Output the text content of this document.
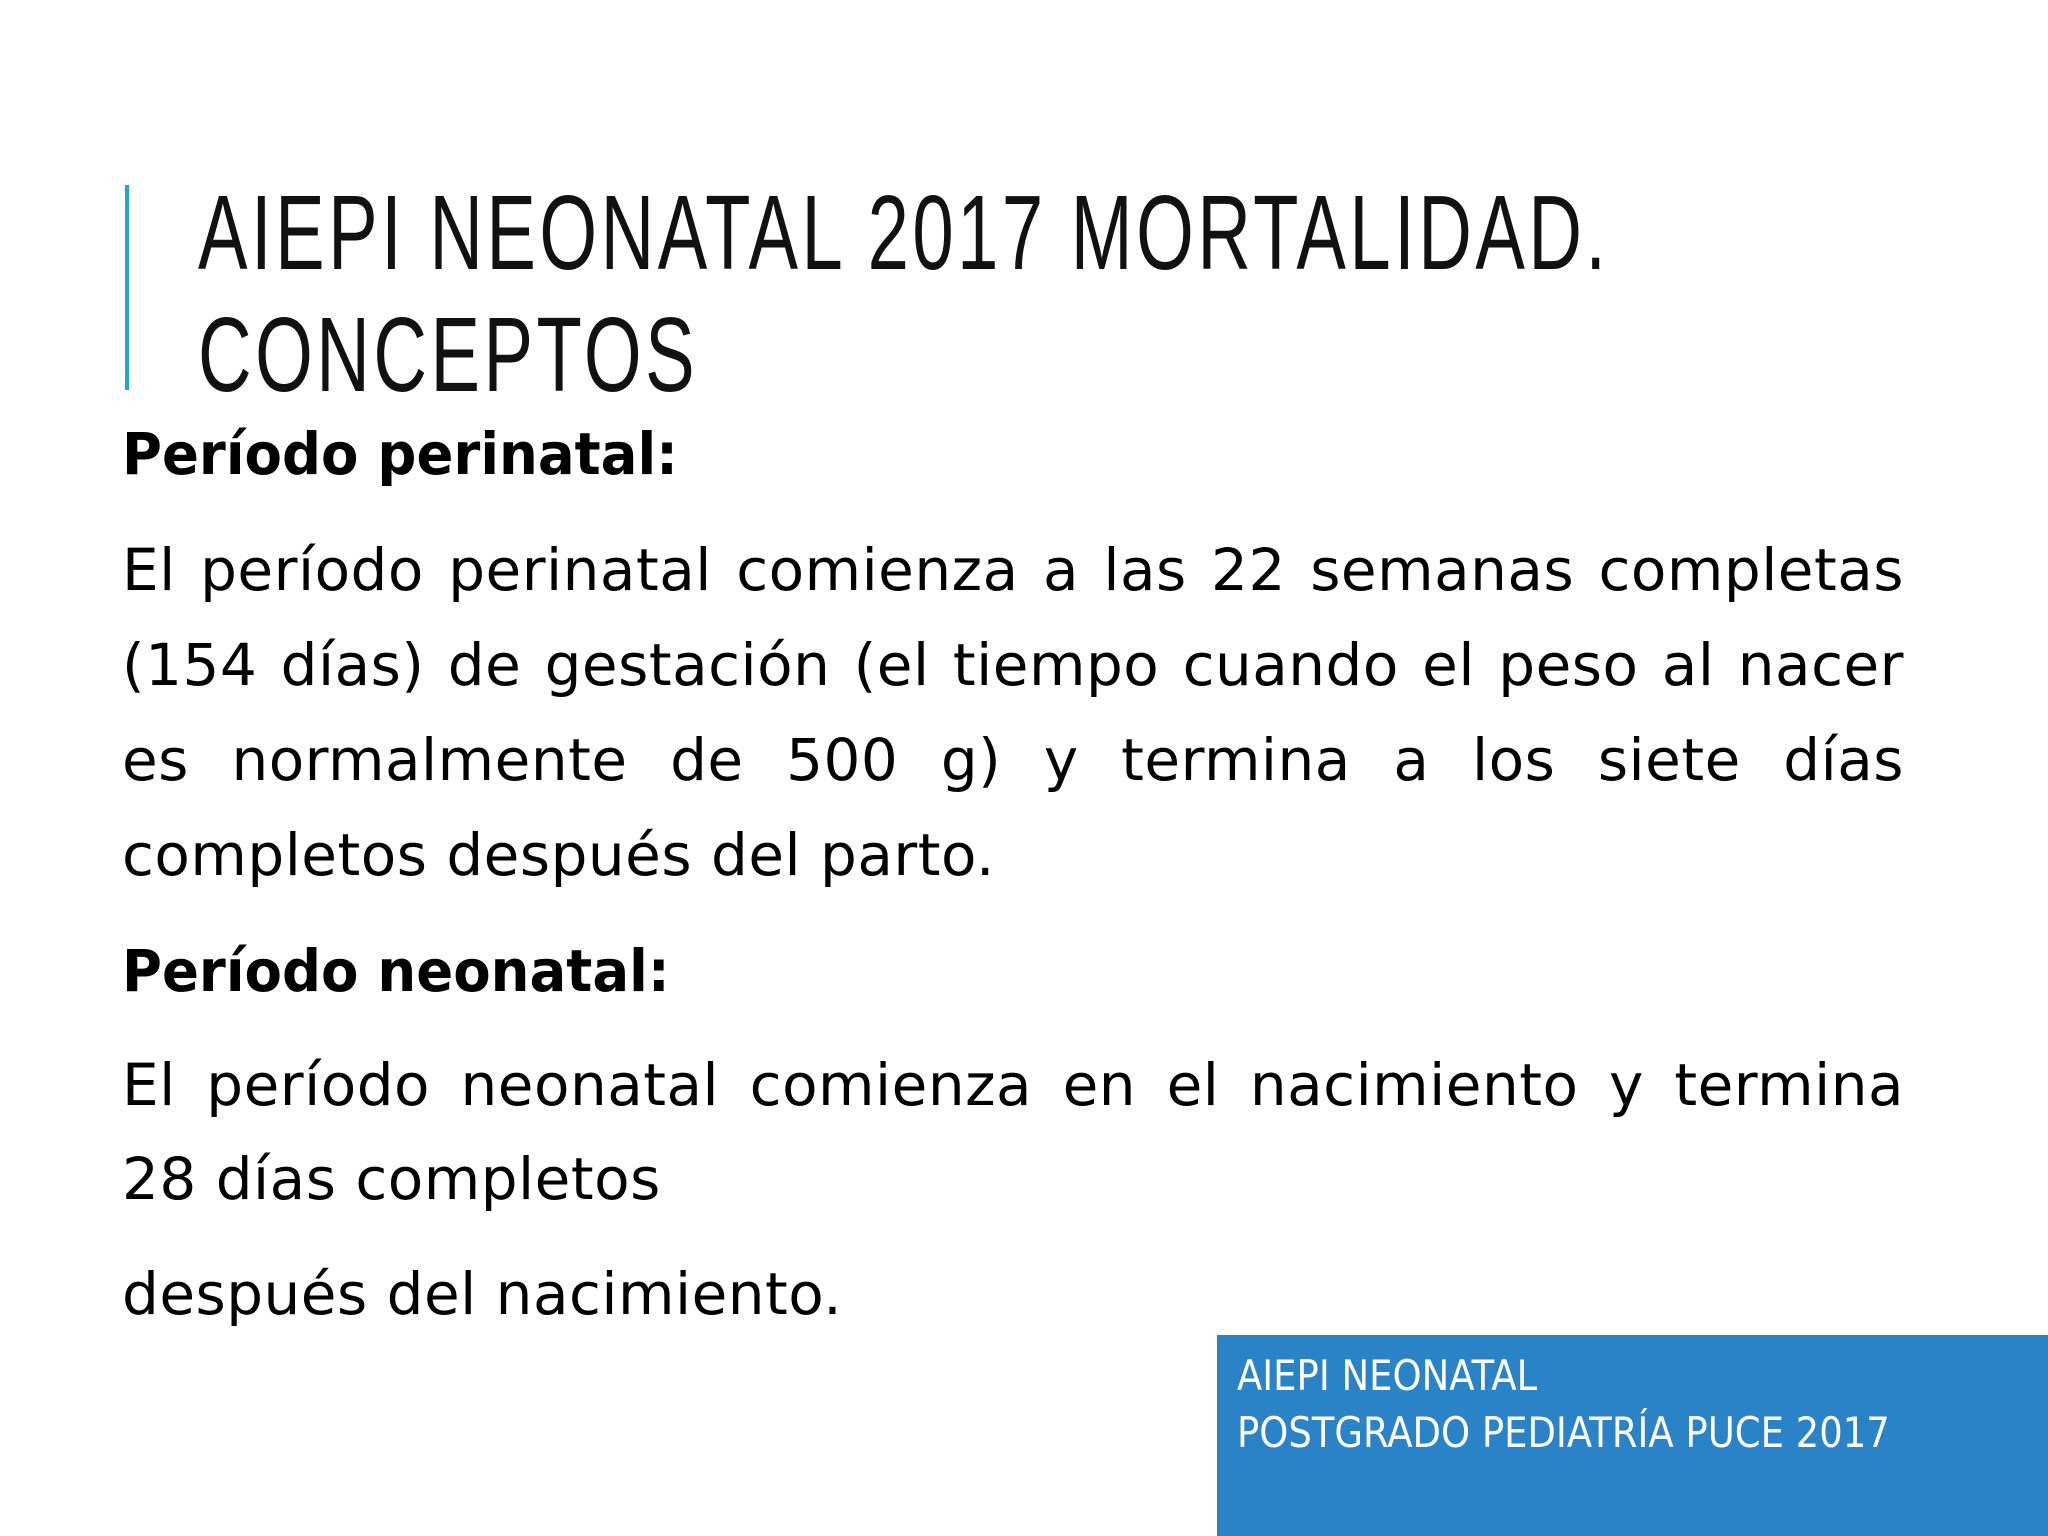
AIEPI NEONATAL 2017 MORTALIDAD.
CONCEPTOS
Período perinatal:
El período perinatal comienza a las 22 semanas completas (154 días) de gestación (el tiempo cuando el peso al nacer es normalmente de 500 g) y termina a los siete días completos después del parto.
Período neonatal:
El período neonatal comienza en el nacimiento y termina
28 días completos
después del nacimiento.
AIEPI NEONATAL
POSTGRADO PEDIATRÍA PUCE 2017
